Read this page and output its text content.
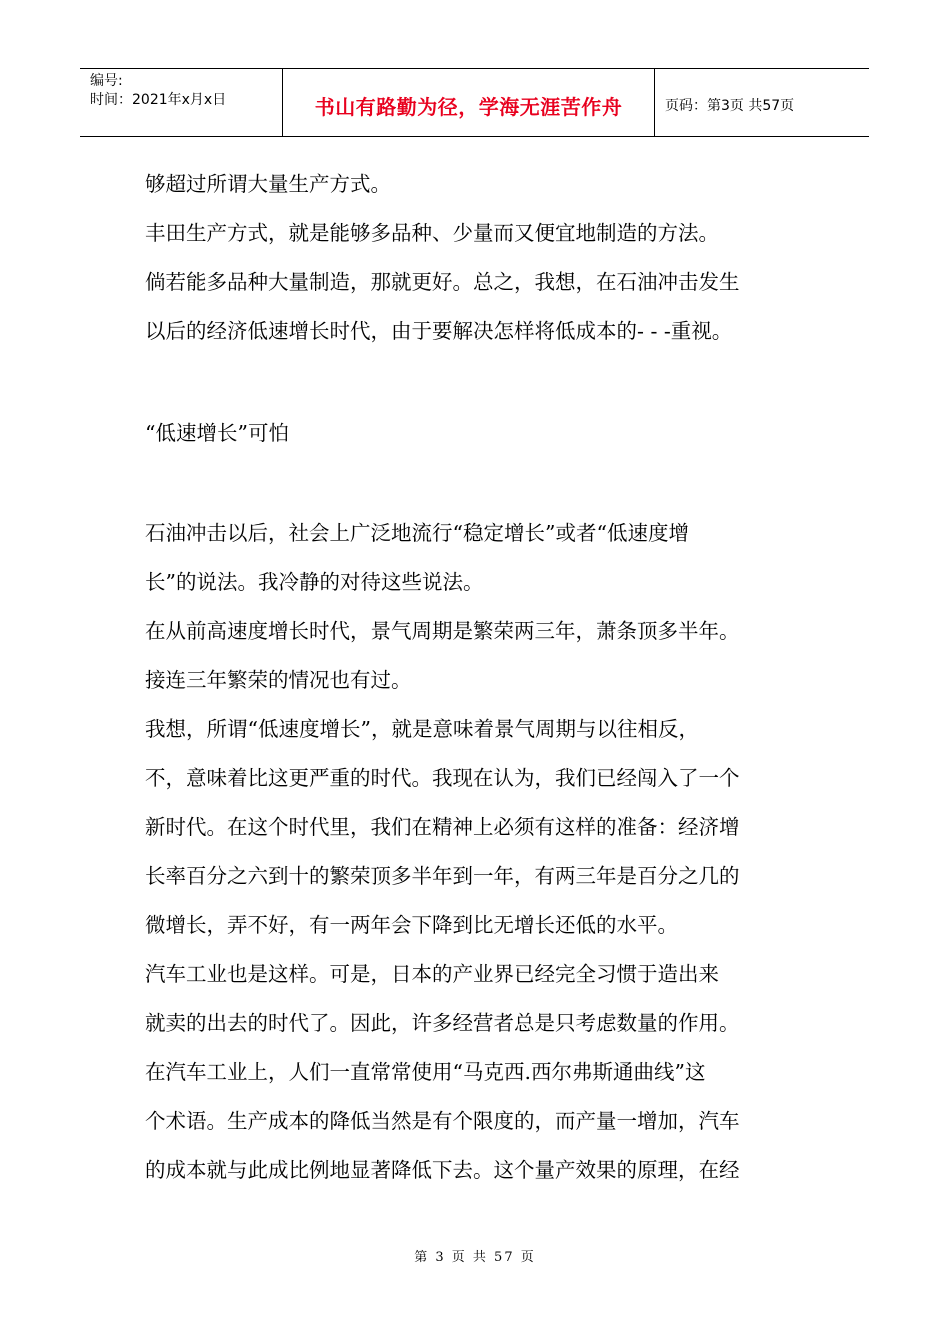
编号:
时间：2021年x月x日	书山有路勤为径，学海无涯苦作舟	页码：第3页 共57页
够超过所谓大量生产方式。
丰田生产方式，就是能够多品种、少量而又便宜地制造的方法。
倘若能多品种大量制造，那就更好。总之，我想，在石油冲击发生
以后的经济低速增长时代，由于要解决怎样将低成本的- - -重视。
“低速增长”可怕
石油冲击以后，社会上广泛地流行“稳定增长”或者“低速度增
长”的说法。我冷静的对待这些说法。
在从前高速度增长时代，景气周期是繁荣两三年，萧条顶多半年。
接连三年繁荣的情况也有过。
我想，所谓“低速度增长”，就是意味着景气周期与以往相反，
不，意味着比这更严重的时代。我现在认为，我们已经闯入了一个
新时代。在这个时代里，我们在精神上必须有这样的准备：经济增
长率百分之六到十的繁荣顶多半年到一年，有两三年是百分之几的
微增长，弄不好，有一两年会下降到比无增长还低的水平。
汽车工业也是这样。可是，日本的产业界已经完全习惯于造出来
就卖的出去的时代了。因此，许多经营者总是只考虑数量的作用。
在汽车工业上，人们一直常常使用“马克西.西尔弗斯通曲线”这
个术语。生产成本的降低当然是有个限度的，而产量一增加，汽车
的成本就与此成比例地显著降低下去。这个量产效果的原理，在经
第 3 页 共 57 页
